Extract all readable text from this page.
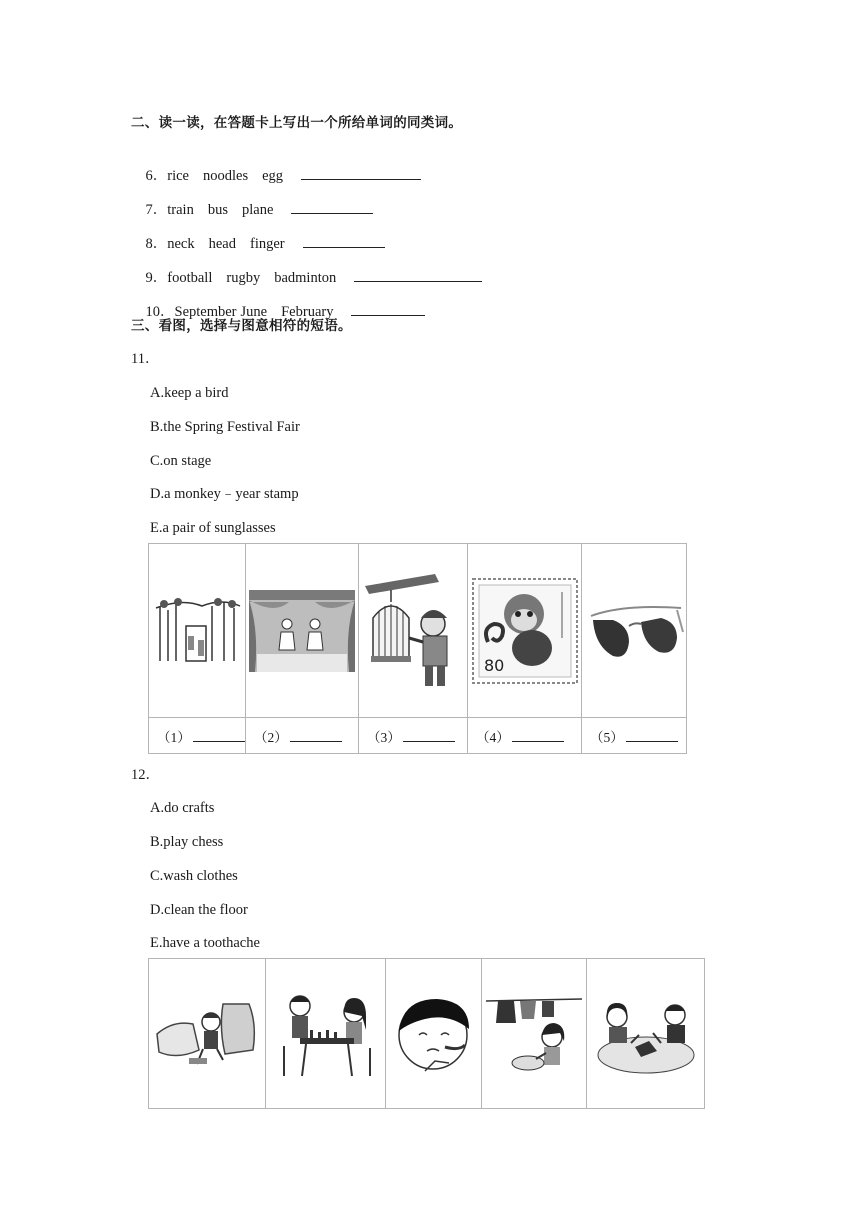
二、读一读，在答题卡上写出一个所给单词的同类词。

6．rice noodles egg

7．train bus plane

8．neck head finger

9．football rugby badminton

10．September June February

三、看图，选择与图意相符的短语。
11．
A.keep a bird
B.the Spring Festival Fair
C.on stage
D.a monkey﹣year stamp
E.a pair of sunglasses

80

（1）	（2）	（3）	（4）	（5）
12．
A.do crafts
B.play chess
C.wash clothes
D.clean the floor
E.have a toothache
